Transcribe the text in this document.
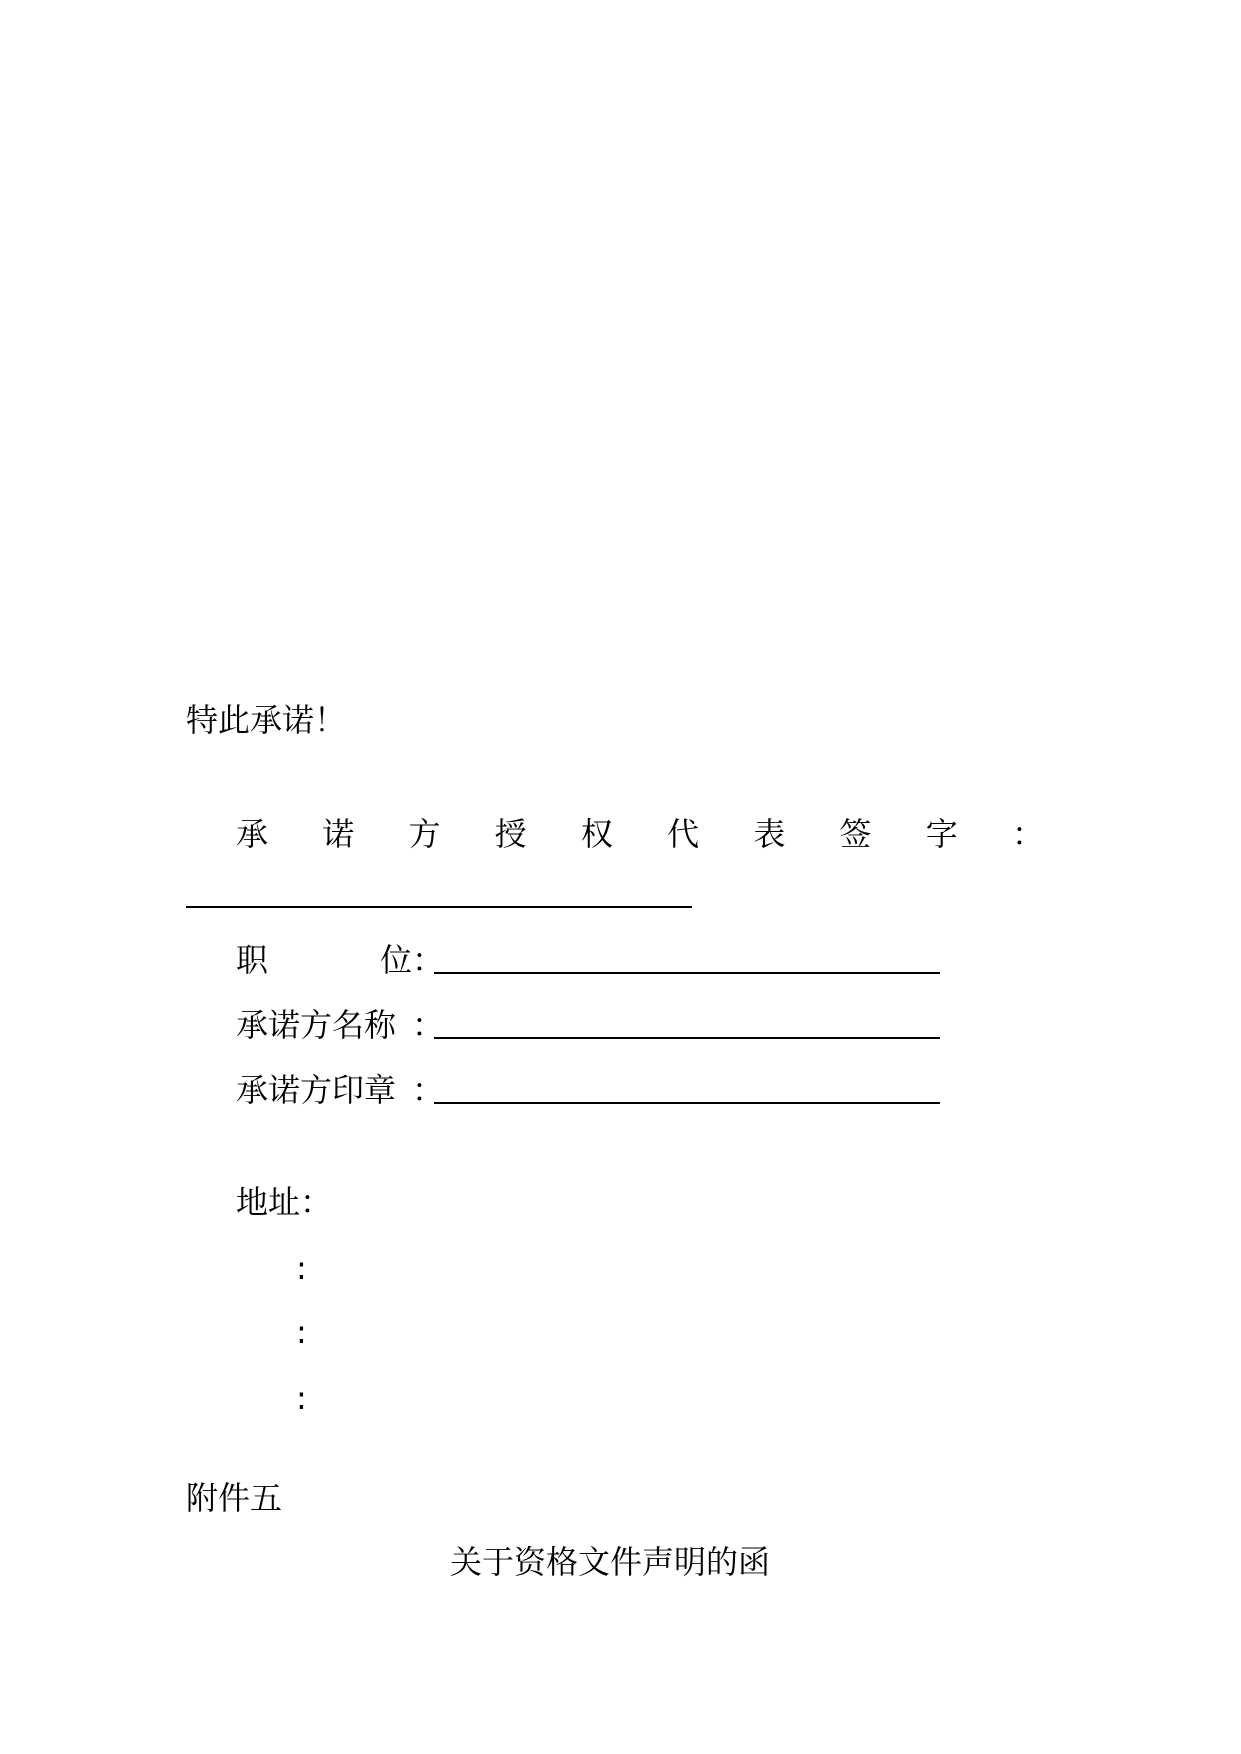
特此承诺！
承 诺 方 授 权 代 表 签 字 ：
职	位 ：
承诺方名称 ：
承诺方印章 ：
地址：
:
:
:
附件五
关于资格文件声明的函
